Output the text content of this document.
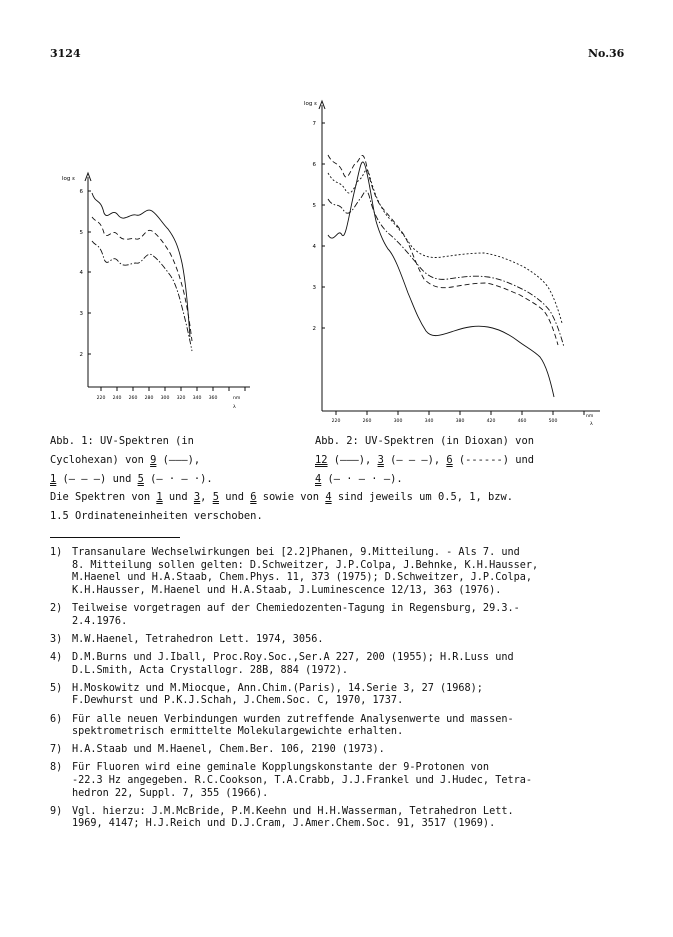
3124	No.36
log ε
6
5
4
3
2
220 240 260 280 300 320 340 360	nm
λ
log ε
7
6
5
4
3
2
220	260	300	340	380	420	460	500
nm
λ
Abb. 1: UV-Spektren (in
Cyclohexan) von 9 (———),
1 (— — —) und 5 (— · — ·).
Abb. 2: UV-Spektren (in Dioxan) von
12 (———), 3 (— — —), 6 (------) und
4 (— · — · —).
Die Spektren von 1 und 3, 5 und 6 sowie von 4 sind jeweils um 0.5, 1, bzw.
1.5 Ordinateneinheiten verschoben.
1) Transanulare Wechselwirkungen bei [2.2]Phanen, 9.Mitteilung. - Als 7. und
8. Mitteilung sollen gelten: D.Schweitzer, J.P.Colpa, J.Behnke, K.H.Hausser,
M.Haenel und H.A.Staab, Chem.Phys. 11, 373 (1975); D.Schweitzer, J.P.Colpa,
K.H.Hausser, M.Haenel und H.A.Staab, J.Luminescence 12/13, 363 (1976).
2) Teilweise vorgetragen auf der Chemiedozenten-Tagung in Regensburg, 29.3.-
2.4.1976.
3) M.W.Haenel, Tetrahedron Lett. 1974, 3056.
4) D.M.Burns und J.Iball, Proc.Roy.Soc.,Ser.A 227, 200 (1955); H.R.Luss und
D.L.Smith, Acta Crystallogr. 28B, 884 (1972).
5) H.Moskowitz und M.Miocque, Ann.Chim.(Paris), 14.Serie 3, 27 (1968);
F.Dewhurst und P.K.J.Schah, J.Chem.Soc. C, 1970, 1737.
6) Für alle neuen Verbindungen wurden zutreffende Analysenwerte und massen-
spektrometrisch ermittelte Molekulargewichte erhalten.
7) H.A.Staab und M.Haenel, Chem.Ber. 106, 2190 (1973).
8) Für Fluoren wird eine geminale Kopplungskonstante der 9-Protonen von
-22.3 Hz angegeben. R.C.Cookson, T.A.Crabb, J.J.Frankel und J.Hudec, Tetra-
hedron 22, Suppl. 7, 355 (1966).
9) Vgl. hierzu: J.M.McBride, P.M.Keehn und H.H.Wasserman, Tetrahedron Lett.
1969, 4147; H.J.Reich und D.J.Cram, J.Amer.Chem.Soc. 91, 3517 (1969).
